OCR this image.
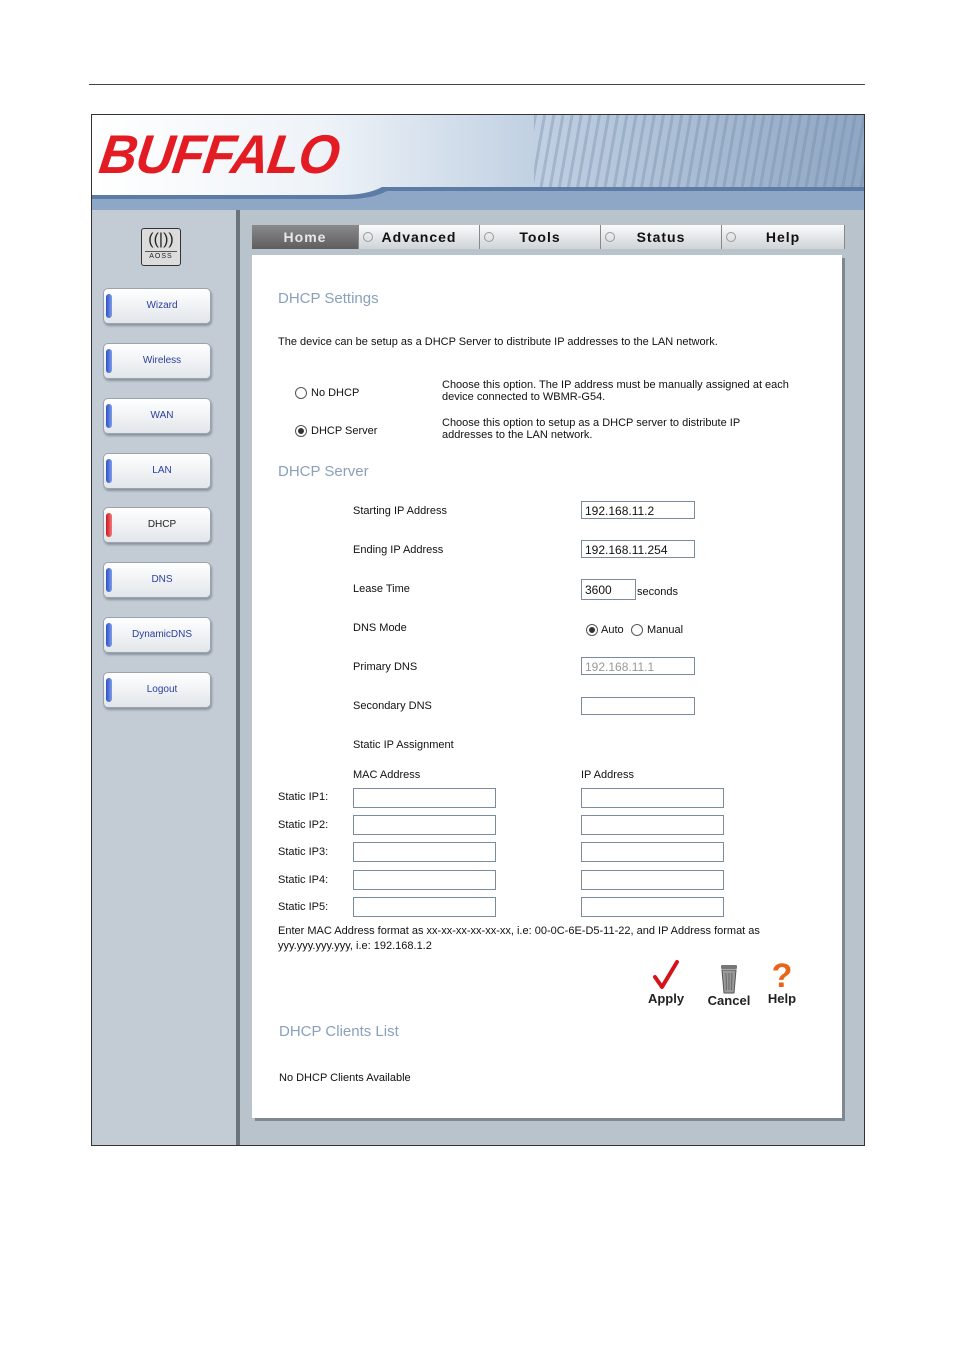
BUFFALO
((|))
AOSS
Wizard
Wireless
WAN
LAN
DHCP
DNS
DynamicDNS
Logout
Home	Advanced	Tools	Status	Help
DHCP Settings
The device can be setup as a DHCP Server to distribute IP addresses to the LAN network.
No DHCP
Choose this option. The IP address must be manually assigned at each device connected to WBMR-G54.
DHCP Server
Choose this option to setup as a DHCP server to distribute IP addresses to the LAN network.
DHCP Server
Starting IP Address	192.168.11.2
Ending IP Address	192.168.11.254
Lease Time	3600	seconds
DNS Mode	Auto Manual
Primary DNS	192.168.11.1
Secondary DNS
Static IP Assignment
MAC Address	IP Address
Static IP1:
Static IP2:
Static IP3:
Static IP4:
Static IP5:
Enter MAC Address format as xx-xx-xx-xx-xx-xx, i.e: 00-0C-6E-D5-11-22, and IP Address format as yyy.yyy.yyy.yyy, i.e: 192.168.1.2
Apply	Cancel
?
Help
DHCP Clients List
No DHCP Clients Available
